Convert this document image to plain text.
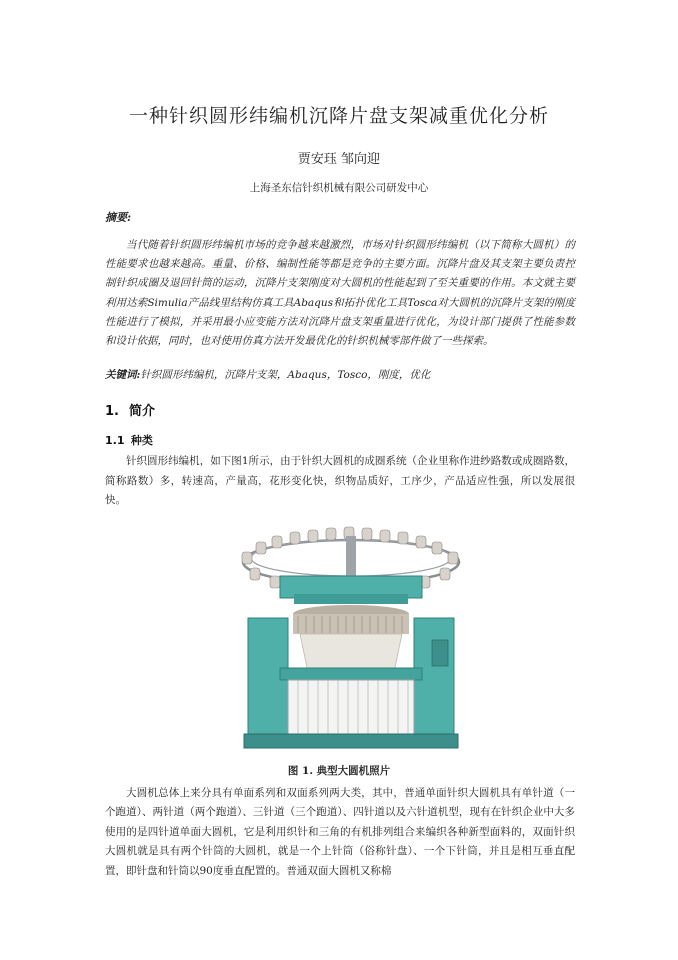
一种针织圆形纬编机沉降片盘支架减重优化分析
贾安珏 邹向迎
上海圣东信针织机械有限公司研发中心
摘要:
当代随着针织圆形纬编机市场的竞争越来越激烈，市场对针织圆形纬编机（以下简称大圆机）的性能要求也越来越高。重量、价格、编制性能等都是竞争的主要方面。沉降片盘及其支架主要负责控制针织成圈及退回针筒的运动，沉降片支架刚度对大圆机的性能起到了至关重要的作用。本文就主要利用达索Simulia产品线里结构仿真工具Abaqus和拓扑优化工具Tosca对大圆机的沉降片支架的刚度性能进行了模拟，并采用最小应变能方法对沉降片盘支架重量进行优化，为设计部门提供了性能参数和设计依据，同时，也对使用仿真方法开发最优化的针织机械零部件做了一些探索。
关键词:针织圆形纬编机，沉降片支架，Abaqus，Tosco，刚度，优化
1. 简介
1.1 种类
针织圆形纬编机，如下图1所示，由于针织大圆机的成圈系统（企业里称作进纱路数或成圈路数，简称路数）多，转速高，产量高，花形变化快，织物品质好，工序少，产品适应性强，所以发展很快。
图 1. 典型大圆机照片
大圆机总体上来分具有单面系列和双面系列两大类，其中，普通单面针织大圆机具有单针道（一个跑道）、两针道（两个跑道）、三针道（三个跑道）、四针道以及六针道机型，现有在针织企业中大多使用的是四针道单面大圆机，它是利用织针和三角的有机排列组合来编织各种新型面料的，双面针织大圆机就是具有两个针筒的大圆机，就是一个上针筒（俗称针盘）、一个下针筒，并且是相互垂直配置，即针盘和针筒以90度垂直配置的。普通双面大圆机又称棉
